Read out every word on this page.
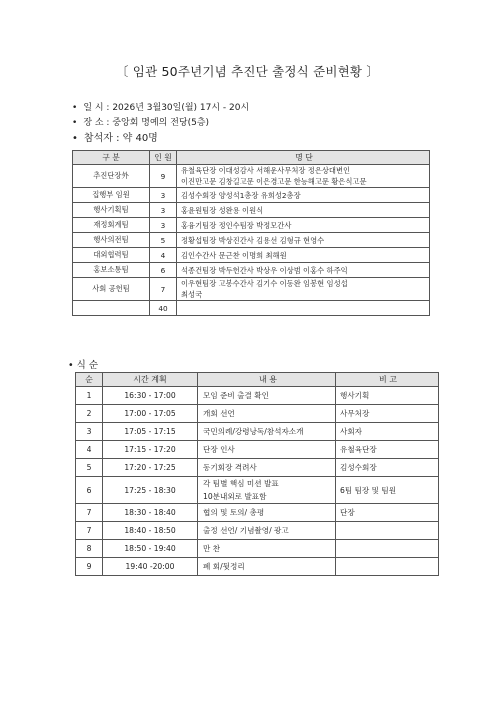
〔 임관 50주년기념 추진단 출정식 준비현황 〕
• 일 시 : 2026년 3월30일(월) 17시 - 20시
• 장 소 : 중앙회 명예의 전당(5층)
• 참석자 : 약 40명
구 분	인 원	명 단
추진단장外	9	유철육단장 이대성감사 서해운사무처장 정은상대변인
이진만고문 김창길고문 이은경고문 한능해고문 황은식고문
집행부 임원	3	김성수회장 양성석1총장 유희성2총장
행사기획팀	3	홍윤원팀장 성완용 이원식
재정회계팀	3	홍융기팀장 정인수팀장 박정모간사
행사의전팀	5	정황섭팀장 박상진간사 김용선 김형규 현영수
대외협력팀	4	김인수간사 문근찬 이명희 최해원
홍보소통팀	6	석종건팀장 박두헌간사 박상우 이상범 이홍수 하주익
사회 공헌팀	7	이우현팀장 고봉수간사 김기수 이동완 임봉현 임성섭
최성국
	40	
• 식 순
순	시간 계획	내 용	비 고
1	16:30 - 17:00	모임 준비 출결 확인	행사기획
2	17:00 - 17:05	개회 선언	사무처장
3	17:05 - 17:15	국민의례/강령낭독/참석자소개	사회자
4	17:15 - 17:20	단장 인사	유철육단장
5	17:20 - 17:25	동기회장 격려사	김성수회장
6	17:25 - 18:30	각 팀별 핵심 미션 발표
10분내외로 발표함	6팀 팀장 및 팀원
7	18:30 - 18:40	협의 및 토의/ 총평	단장
7	18:40 - 18:50	출정 선언/ 기념촬영/ 광고	
8	18:50 - 19:40	만 찬	
9	19:40 -20:00	폐 회/뒷정리	
